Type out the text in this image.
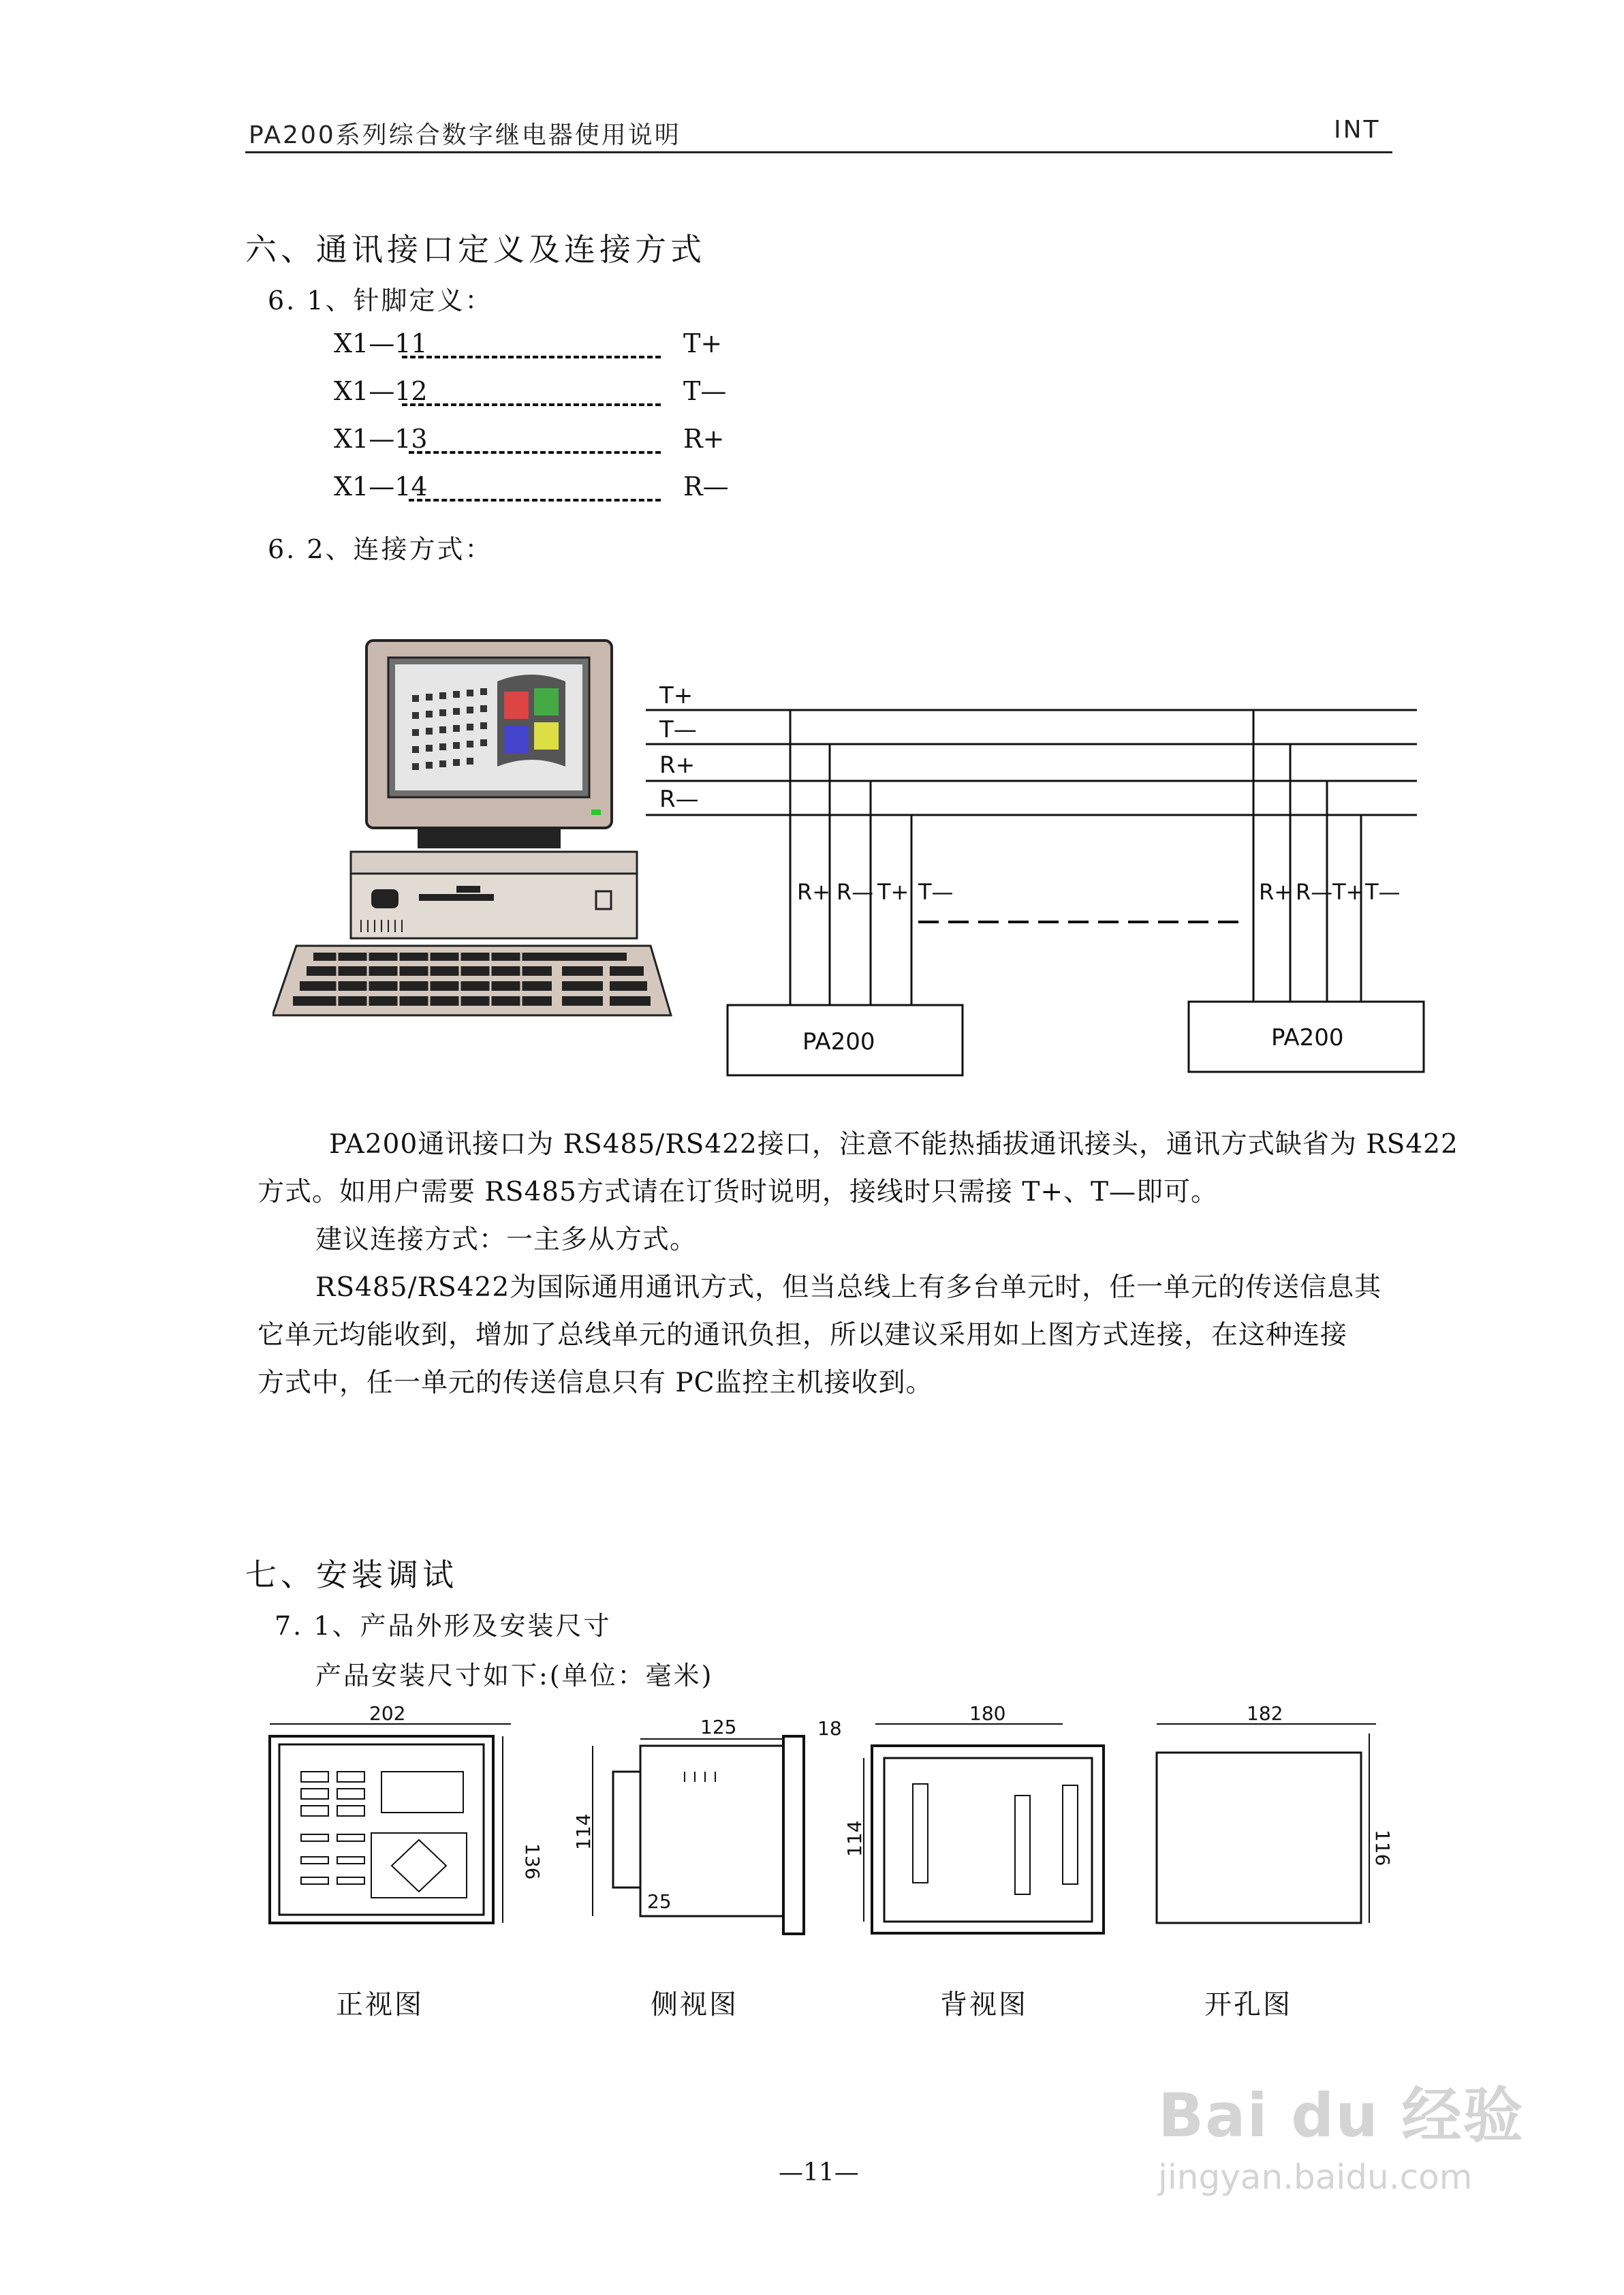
PA200系列综合数字继电器使用说明	INT
六、通讯接口定义及连接方式
6. 1、针脚定义：
X1—11	T+
X1—12	T—
X1—13	R+
X1—14	R—
6. 2、连接方式：
T+
T—
R+
R—
R+ R— T+ T—	R+ R— T+ T—
PA200	PA200
PA200通讯接口为 RS485/RS422接口，注意不能热插拔通讯接头，通讯方式缺省为 RS422
方式。如用户需要 RS485方式请在订货时说明，接线时只需接 T+、T—即可。
建议连接方式：一主多从方式。
RS485/RS422为国际通用通讯方式，但当总线上有多台单元时，任一单元的传送信息其
它单元均能收到，增加了总线单元的通讯负担，所以建议采用如上图方式连接，在这种连接
方式中，任一单元的传送信息只有 PC监控主机接收到。
七、安装调试
7. 1、产品外形及安装尺寸
产品安装尺寸如下:(单位：毫米)
202
136
125	18
114
25
180
114
182
116
正视图	侧视图	背视图	开孔图
—11—
Bai du 经验
jingyan.baidu.com
